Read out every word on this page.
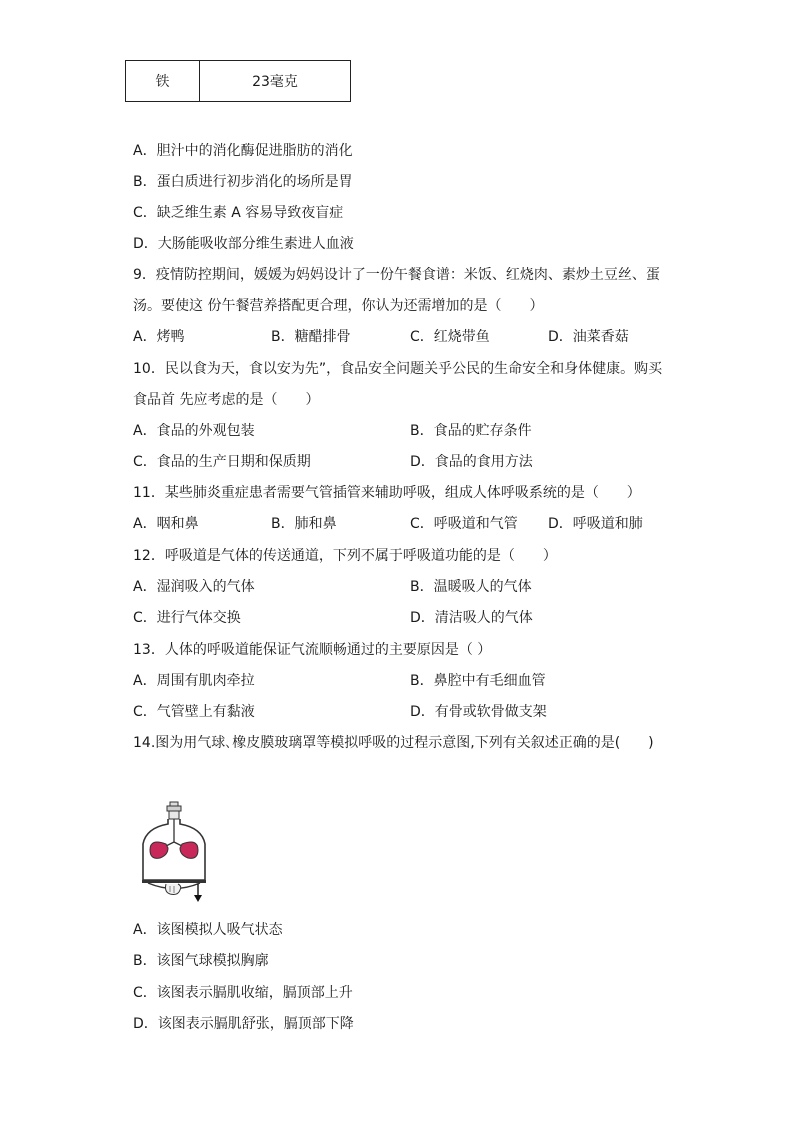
铁	23毫克
A．胆汁中的消化酶促进脂肪的消化
B．蛋白质进行初步消化的场所是胃
C．缺乏维生素 A 容易导致夜盲症
D．大肠能吸收部分维生素进人血液
9．疫情防控期间，媛媛为妈妈设计了一份午餐食谱：米饭、红烧肉、素炒土豆丝、蛋
汤。要使这 份午餐营养搭配更合理，你认为还需增加的是（　　）
A．烤鸭	B．糖醋排骨	C．红烧带鱼	D．油菜香菇
10．民以食为天，食以安为先”，食品安全问题关乎公民的生命安全和身体健康。购买
食品首 先应考虑的是（　　）
A．食品的外观包装	B．食品的贮存条件
C．食品的生产日期和保质期	D．食品的食用方法
11．某些肺炎重症患者需要气管插管来辅助呼吸，组成人体呼吸系统的是（　　）
A．咽和鼻	B．肺和鼻	C．呼吸道和气管 D．呼吸道和肺
12．呼吸道是气体的传送通道，下列不属于呼吸道功能的是（　　）
A．湿润吸入的气体	B．温暖吸人的气体
C．进行气体交换	D．清洁吸人的气体
13．人体的呼吸道能保证气流顺畅通过的主要原因是（ ）
A．周围有肌肉牵拉	B．鼻腔中有毛细血管
C．气管壁上有黏液	D．有骨或软骨做支架
14.图为用气球､橡皮膜玻璃罩等模拟呼吸的过程示意图,下列有关叙述正确的是(　　)
A．该图模拟人吸气状态
B．该图气球模拟胸廓
C．该图表示膈肌收缩，膈顶部上升
D．该图表示膈肌舒张，膈顶部下降
